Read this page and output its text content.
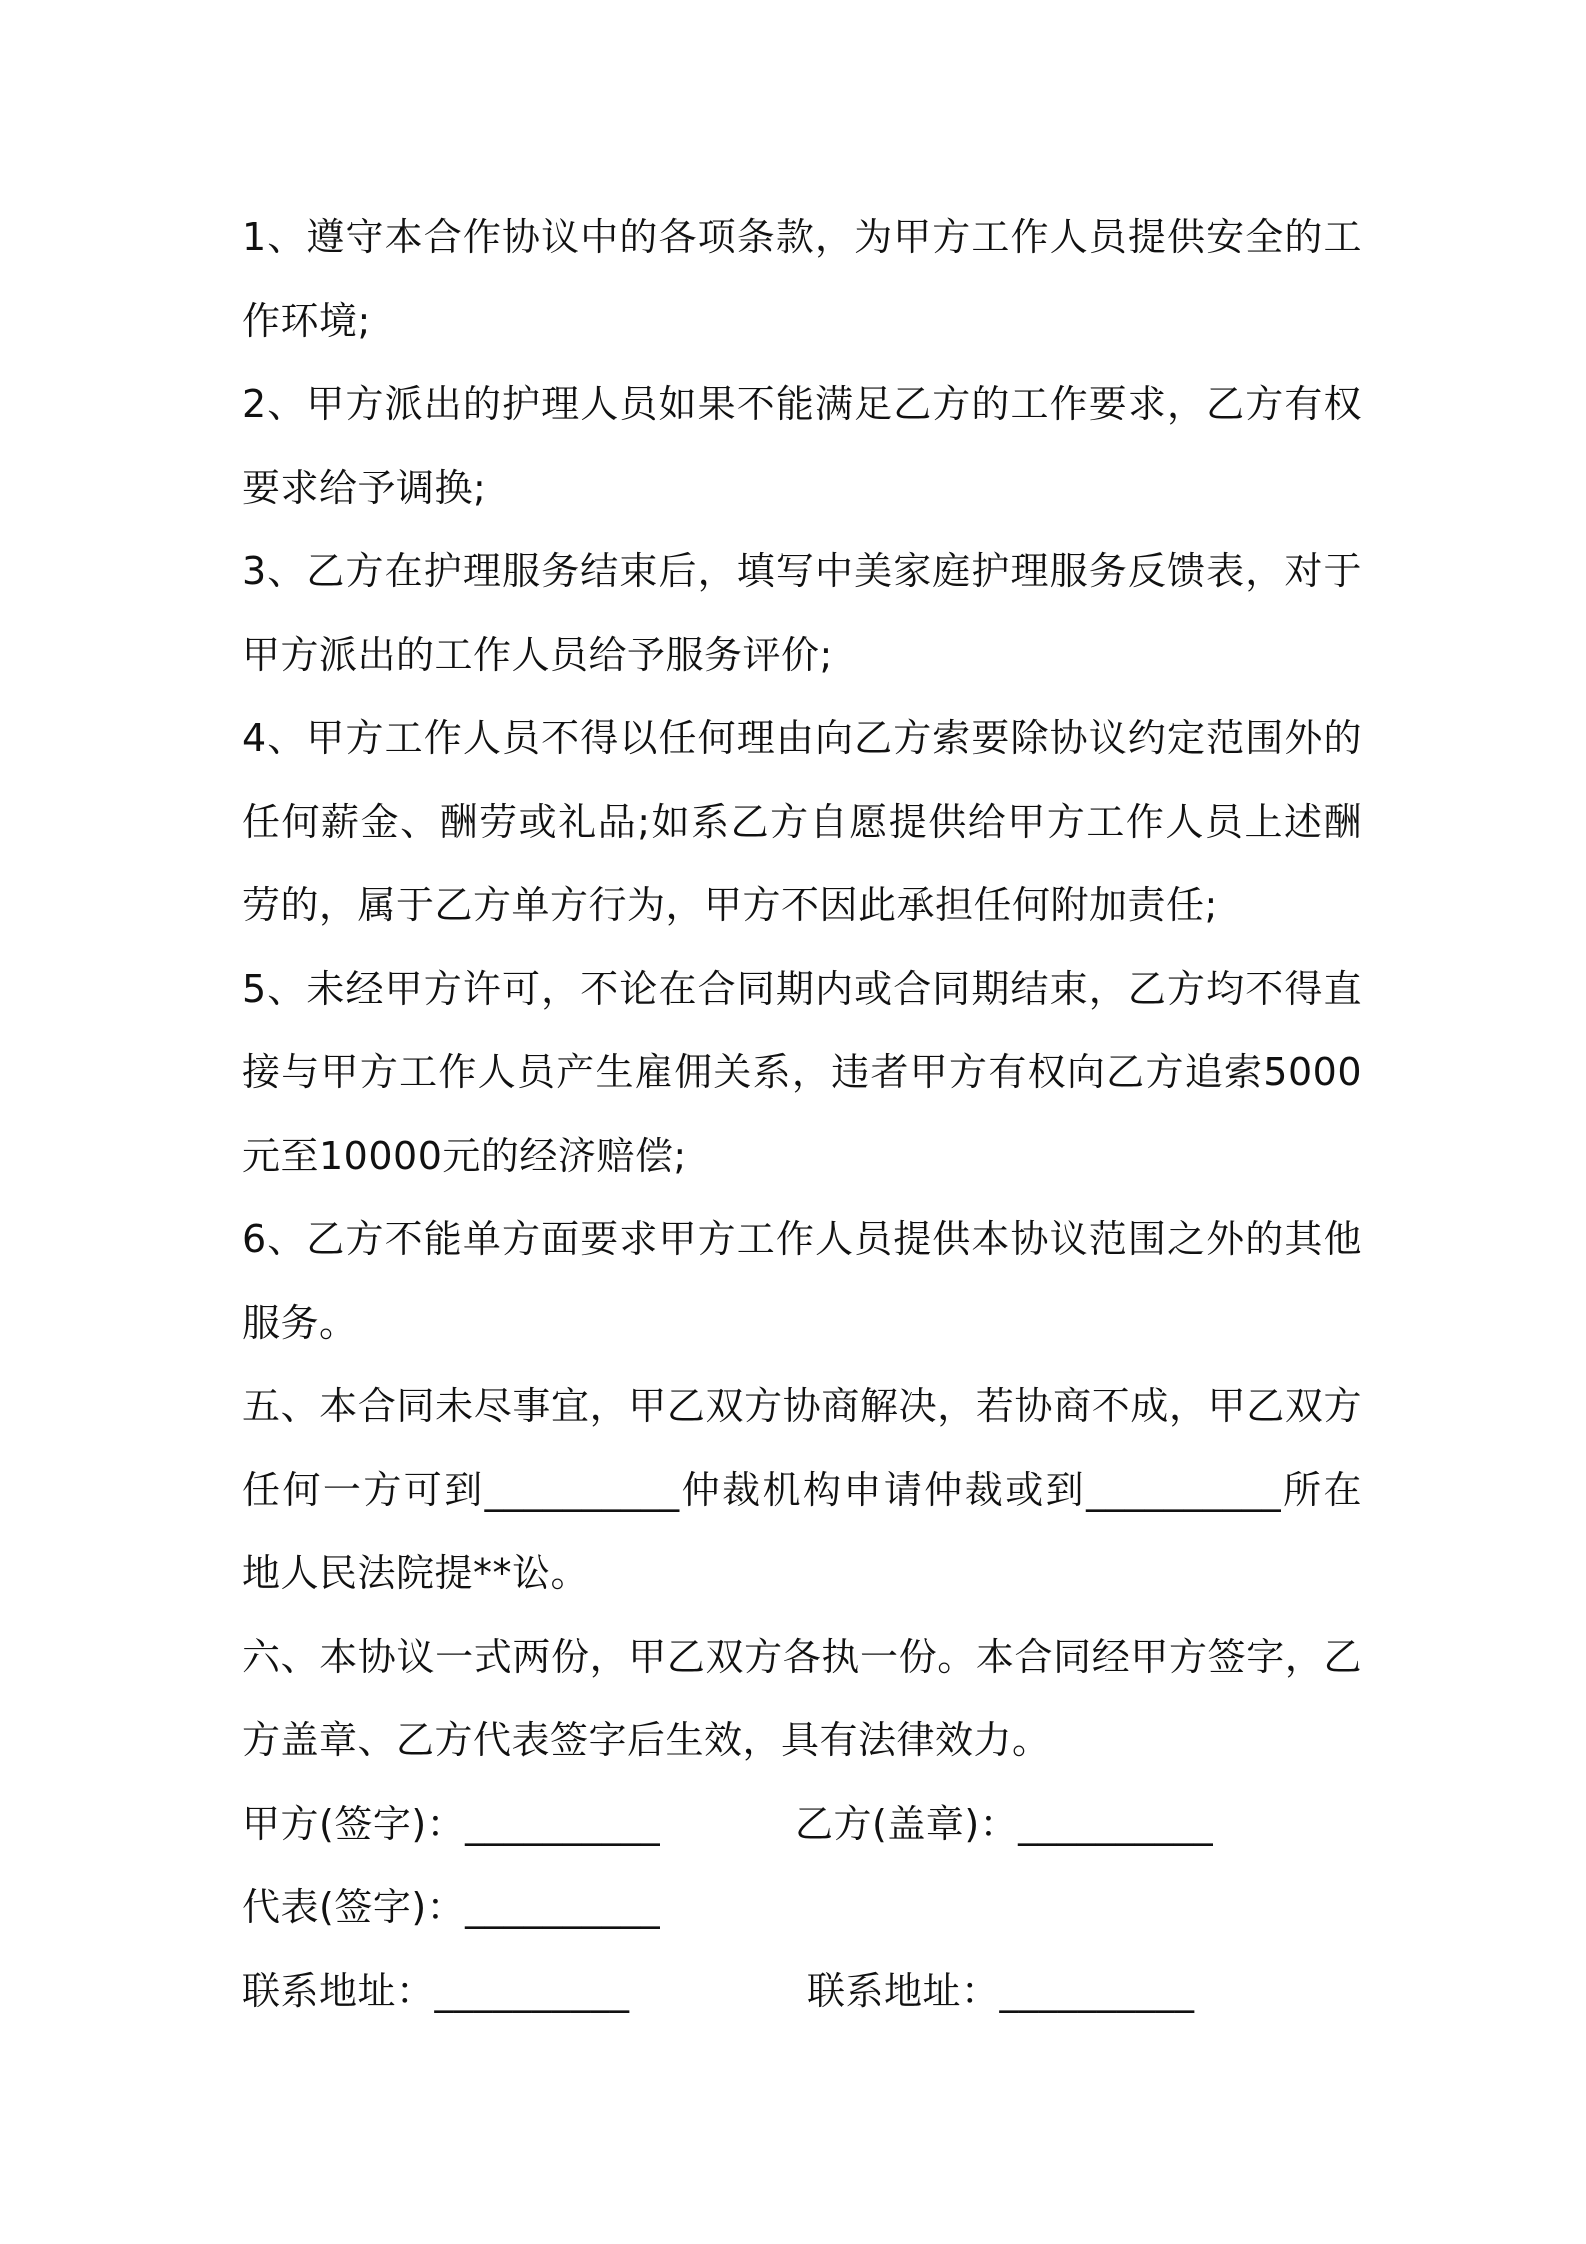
1、遵守本合作协议中的各项条款，为甲方工作人员提供安全的工作环境;

2、甲方派出的护理人员如果不能满足乙方的工作要求，乙方有权要求给予调换;

3、乙方在护理服务结束后，填写中美家庭护理服务反馈表，对于甲方派出的工作人员给予服务评价;

4、甲方工作人员不得以任何理由向乙方索要除协议约定范围外的任何薪金、酬劳或礼品;如系乙方自愿提供给甲方工作人员上述酬劳的，属于乙方单方行为，甲方不因此承担任何附加责任;

5、未经甲方许可，不论在合同期内或合同期结束，乙方均不得直接与甲方工作人员产生雇佣关系，违者甲方有权向乙方追索5000元至10000元的经济赔偿;

6、乙方不能单方面要求甲方工作人员提供本协议范围之外的其他服务。

五、本合同未尽事宜，甲乙双方协商解决，若协商不成，甲乙双方任何一方可到__________仲裁机构申请仲裁或到__________所在地人民法院提**讼。

六、本协议一式两份，甲乙双方各执一份。本合同经甲方签字，乙方盖章、乙方代表签字后生效，具有法律效力。

甲方(签字)：__________	乙方(盖章)：__________
代表(签字)：__________
联系地址：__________	联系地址：__________
